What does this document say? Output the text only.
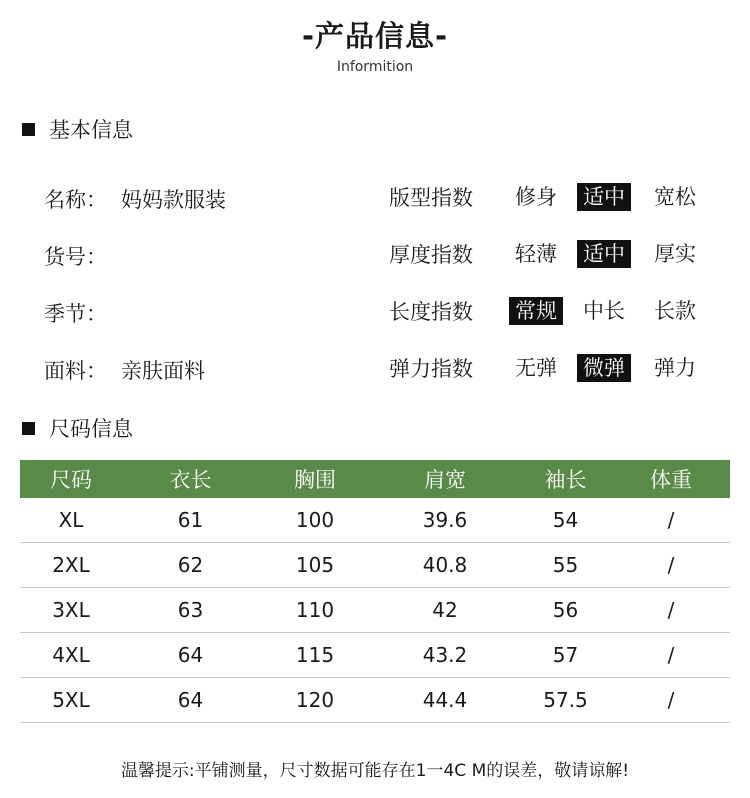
-产品信息-
Informition
基本信息
名称： 妈妈款服装
货号：
季节：
面料： 亲肤面料
版型指数 修身 适中 宽松
厚度指数 轻薄 适中 厚实
长度指数 常规 中长 长款
弹力指数 无弹 微弹 弹力
尺码信息
尺码	衣长	胸围	肩宽	袖长	体重
XL	61	100	39.6	54	/
2XL	62	105	40.8	55	/
3XL	63	110	42	56	/
4XL	64	115	43.2	57	/
5XL	64	120	44.4	57.5	/
温馨提示:平铺测量，尺寸数据可能存在1一4C M的误差，敬请谅解!
